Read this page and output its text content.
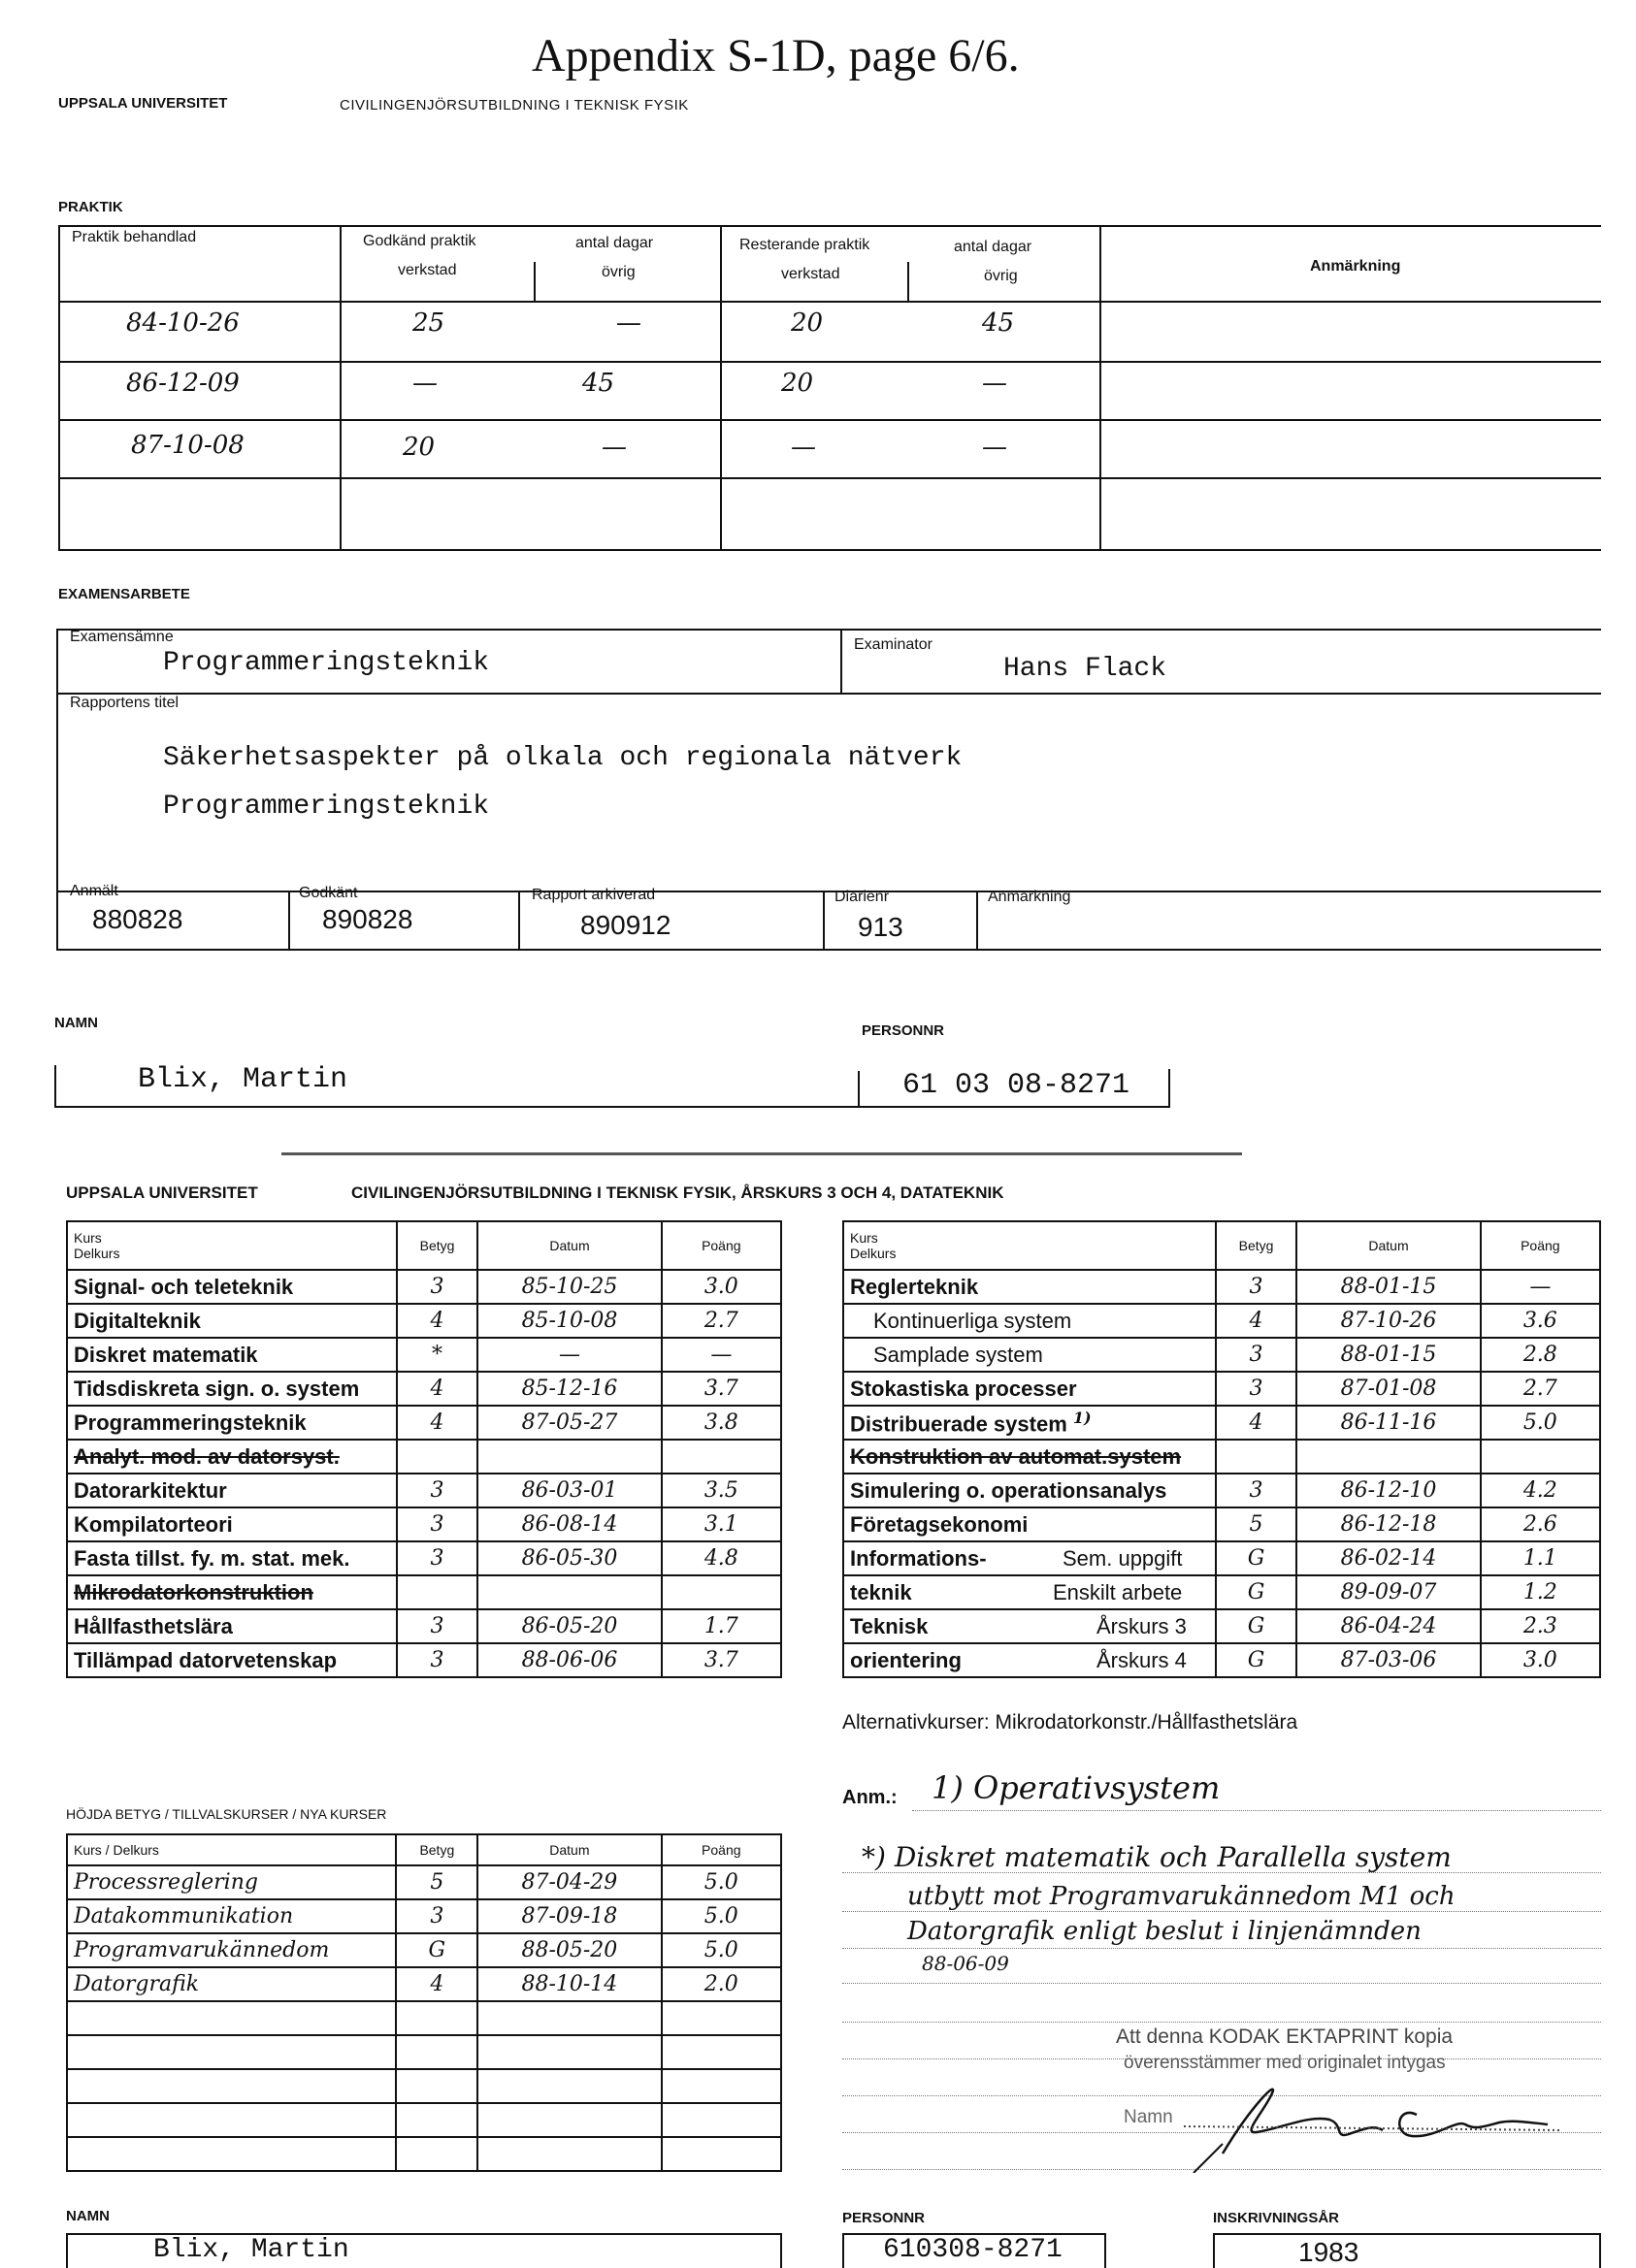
Appendix S-1D, page 6/6.
UPPSALA UNIVERSITET	CIVILINGENJÖRSUTBILDNING I TEKNISK FYSIK
PRAKTIK
Praktik behandlad	Godkänd praktik
verkstad
antal dagar
övrig
Resterande praktik
verkstad
antal dagar
övrig
Anmärkning
84-10-26	25	—	20	45
86-12-09	—	45	20	—
87-10-08	20	—	—	—
EXAMENSARBETE
Examensämne
Programmeringsteknik
Examinator
Hans Flack
Rapportens titel
Säkerhetsaspekter på olkala och regionala nätverk
Programmeringsteknik
Anmält
880828
Godkänt
890828
Rapport arkiverad
890912
Diarienr
913
Anmärkning
NAMN	PERSONNR
Blix, Martin	61 03 08-8271
UPPSALA UNIVERSITET	CIVILINGENJÖRSUTBILDNING I TEKNISK FYSIK, ÅRSKURS 3 OCH 4, DATATEKNIK
Kurs
Delkurs	Betyg	Datum	Poäng
Signal- och teleteknik	3	85-10-25	3.0
Digitalteknik	4	85-10-08	2.7
Diskret matematik	*	—	—
Tidsdiskreta sign. o. system	4	85-12-16	3.7
Programmeringsteknik	4	87-05-27	3.8
Analyt. mod. av datorsyst.			
Datorarkitektur	3	86-03-01	3.5
Kompilatorteori	3	86-08-14	3.1
Fasta tillst. fy. m. stat. mek.	3	86-05-30	4.8
Mikrodatorkonstruktion			
Hållfasthetslära	3	86-05-20	1.7
Tillämpad datorvetenskap	3	88-06-06	3.7
Kurs
Delkurs	Betyg	Datum	Poäng
Reglerteknik	3	88-01-15	—
Kontinuerliga system	4	87-10-26	3.6
Samplade system	3	88-01-15	2.8
Stokastiska processer	3	87-01-08	2.7
Distribuerade system $^{1)}$	4	86-11-16	5.0
Konstruktion av automat.system			
Simulering o. operationsanalys	3	86-12-10	4.2
Företagsekonomi	5	86-12-18	2.6
Informations- Sem. uppgift	G	86-02-14	1.1
teknik Enskilt arbete	G	89-09-07	1.2
Teknisk Årskurs 3	G	86-04-24	2.3
orientering Årskurs 4	G	87-03-06	3.0
Alternativkurser: Mikrodatorkonstr./Hållfasthetslära
HÖJDA BETYG / TILLVALSKURSER / NYA KURSER
Kurs / Delkurs	Betyg	Datum	Poäng
Processreglering	5	87-04-29	5.0
Datakommunikation	3	87-09-18	5.0
Programvarukännedom	G	88-05-20	5.0
Datorgrafik	4	88-10-14	2.0

Anm.: 1) Operativsystem
*) Diskret matematik och Parallella system
utbytt mot Programvarukännedom M1 och
Datorgrafik enligt beslut i linjenämnden
88-06-09
Att denna KODAK EKTAPRINT kopia
överensstämmer med originalet intygas
Namn
NAMN	PERSONNR	INSKRIVNINGSÅR
Blix, Martin	610308-8271	1983
